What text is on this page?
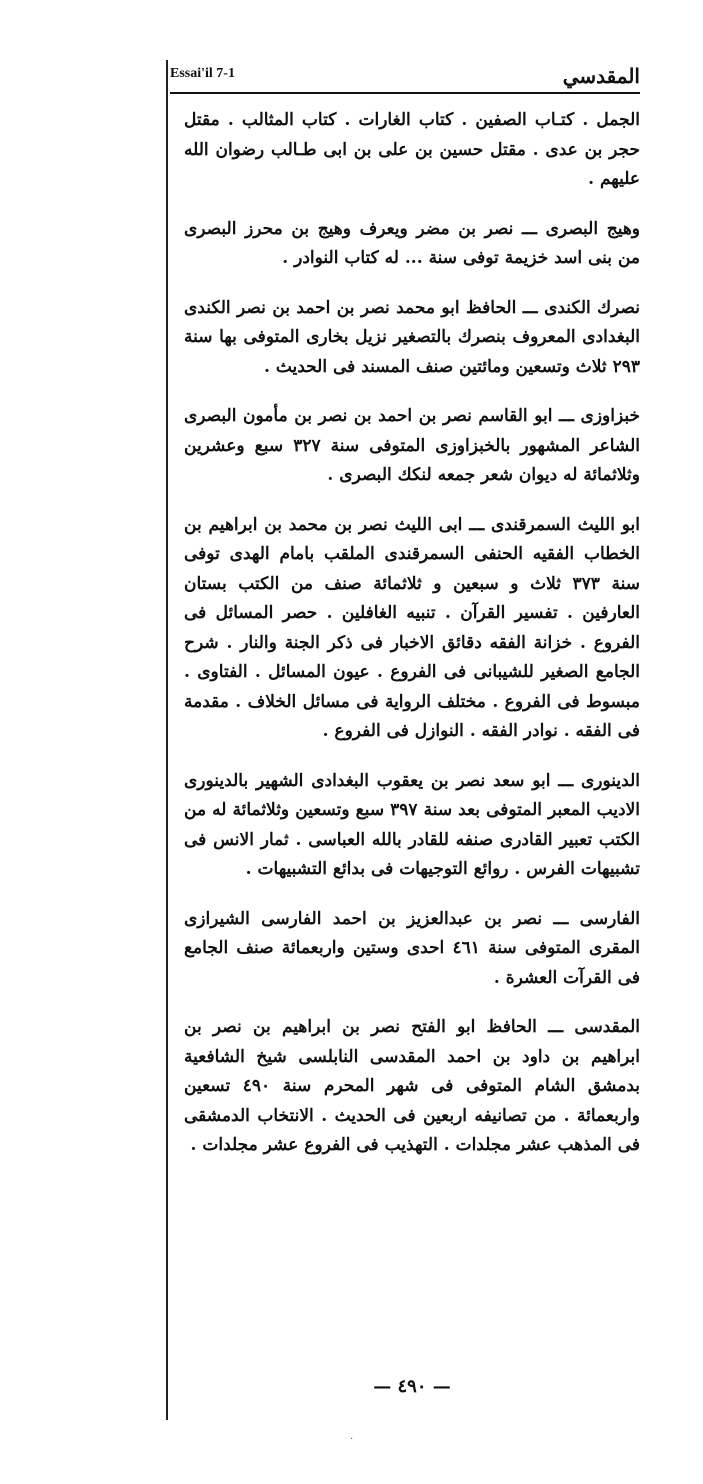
المقدسي
Essai'il 7-1

الجمل . كتـاب الصفين . كتاب الغارات . كتاب المثالب . مقتل حجر بن عدى . مقتل حسين بن على بن ابى طـالب رضوان الله عليهم .

وهيج البصرى ـــ نصر بن مضر ويعرف وهيج بن محرز البصرى من بنى اسد خزيمة توفى سنة ... له كتاب النوادر .

نصرك الكندى ـــ الحافظ ابو محمد نصر بن احمد بن نصر الكندى البغدادى المعروف بنصرك بالتصغير نزيل بخارى المتوفى بها سنة ٢٩٣ ثلاث وتسعين ومائتين صنف المسند فى الحديث .

خبزاوزى ـــ ابو القاسم نصر بن احمد بن نصر بن مأمون البصرى الشاعر المشهور بالخبزاوزى المتوفى سنة ٣٢٧ سبع وعشرين وثلاثمائة له ديوان شعر جمعه لنكك البصرى .

ابو الليث السمرقندى ـــ ابى الليث نصر بن محمد بن ابراهيم بن الخطاب الفقيه الحنفى السمرقندى الملقب بامام الهدى توفى سنة ٣٧٣ ثلاث و سبعين و ثلاثمائة صنف من الكتب بستان العارفين . تفسير القرآن . تنبيه الغافلين . حصر المسائل فى الفروع . خزانة الفقه دقائق الاخبار فى ذكر الجنة والنار . شرح الجامع الصغير للشيبانى فى الفروع . عيون المسائل . الفتاوى . مبسوط فى الفروع . مختلف الرواية فى مسائل الخلاف . مقدمة فى الفقه . نوادر الفقه . النوازل فى الفروع .

الدينورى ـــ ابو سعد نصر بن يعقوب البغدادى الشهير بالدينورى الاديب المعبر المتوفى بعد سنة ٣٩٧ سبع وتسعين وثلاثمائة له من الكتب تعبير القادرى صنفه للقادر بالله العباسى . ثمار الانس فى تشبيهات الفرس . روائع التوجيهات فى بدائع التشبيهات .

الفارسى ـــ نصر بن عبدالعزيز بن احمد الفارسى الشيرازى المقرى المتوفى سنة ٤٦١ احدى وستين واربعمائة صنف الجامع فى القرآت العشرة .

المقدسى ـــ الحافظ ابو الفتح نصر بن ابراهيم بن نصر بن ابراهيم بن داود بن احمد المقدسى النابلسى شيخ الشافعية بدمشق الشام المتوفى فى شهر المحرم سنة ٤٩٠ تسعين واربعمائة . من تصانيفه اربعين فى الحديث . الانتخاب الدمشقى فى المذهب عشر مجلدات . التهذيب فى الفروع عشر مجلدات .

— ٤٩٠ —
·
